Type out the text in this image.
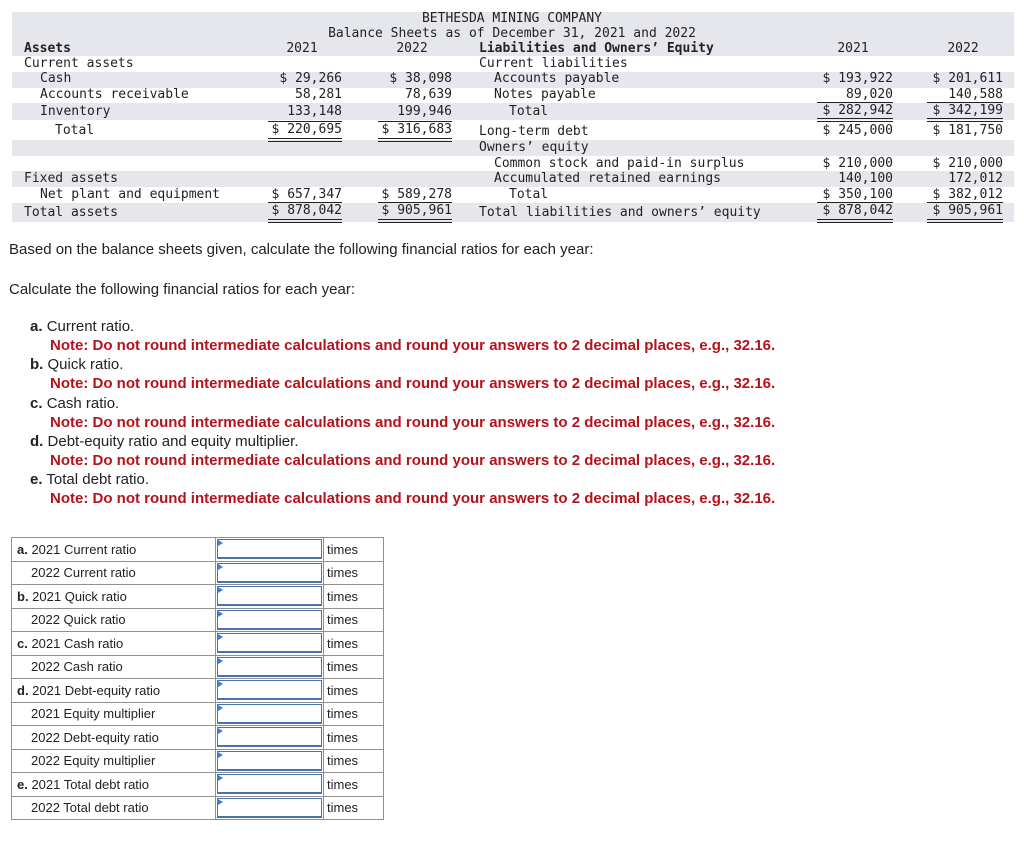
BETHESDA MINING COMPANY
Balance Sheets as of December 31, 2021 and 2022
Assets	2021	2022	Liabilities and Owners’ Equity	2021	2022
Current assets
Cash	$ 29,266	$ 38,098
Accounts receivable	58,281	78,639
Inventory	133,148	199,946
Total	$ 220,695	$ 316,683
Fixed assets
Net plant and equipment	$ 657,347	$ 589,278
Total assets	$ 878,042	$ 905,961
Current liabilities
Accounts payable	$ 193,922	$ 201,611
Notes payable	89,020	140,588
Total	$ 282,942	$ 342,199
Long-term debt	$ 245,000	$ 181,750
Owners’ equity
Common stock and paid-in surplus	$ 210,000	$ 210,000
Accumulated retained earnings	140,100	172,012
Total	$ 350,100	$ 382,012
Total liabilities and owners’ equity	$ 878,042	$ 905,961
Based on the balance sheets given, calculate the following financial ratios for each year:
Calculate the following financial ratios for each year:
a. Current ratio.
Note: Do not round intermediate calculations and round your answers to 2 decimal places, e.g., 32.16.
b. Quick ratio.
Note: Do not round intermediate calculations and round your answers to 2 decimal places, e.g., 32.16.
c. Cash ratio.
Note: Do not round intermediate calculations and round your answers to 2 decimal places, e.g., 32.16.
d. Debt-equity ratio and equity multiplier.
Note: Do not round intermediate calculations and round your answers to 2 decimal places, e.g., 32.16.
e. Total debt ratio.
Note: Do not round intermediate calculations and round your answers to 2 decimal places, e.g., 32.16.
a. 2021 Current ratio		times
2022 Current ratio		times
b. 2021 Quick ratio		times
2022 Quick ratio		times
c. 2021 Cash ratio		times
2022 Cash ratio		times
d. 2021 Debt-equity ratio		times
2021 Equity multiplier		times
2022 Debt-equity ratio		times
2022 Equity multiplier		times
e. 2021 Total debt ratio		times
2022 Total debt ratio		times
